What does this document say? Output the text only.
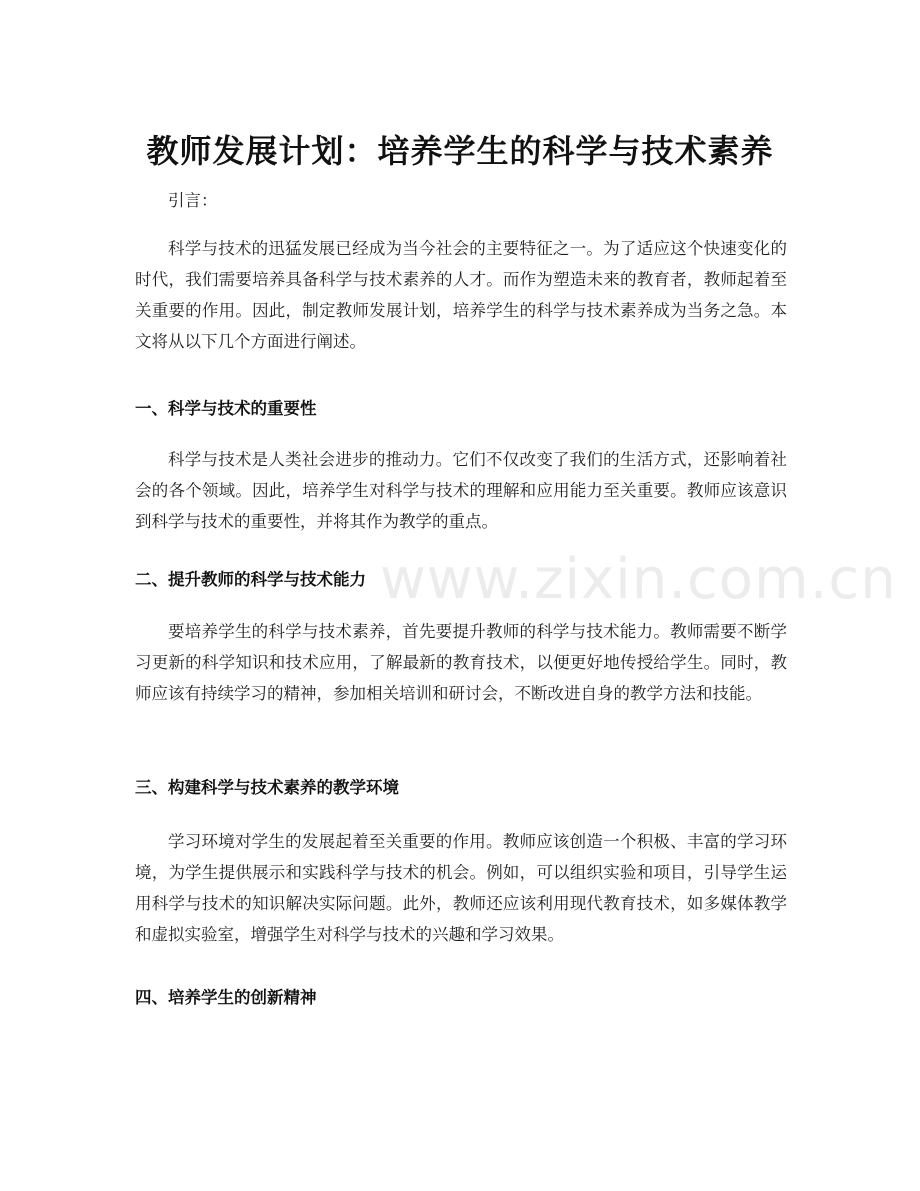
教师发展计划：培养学生的科学与技术素养

引言：

科学与技术的迅猛发展已经成为当今社会的主要特征之一。为了适应这个快速变化的时代，我们需要培养具备科学与技术素养的人才。而作为塑造未来的教育者，教师起着至关重要的作用。因此，制定教师发展计划，培养学生的科学与技术素养成为当务之急。本文将从以下几个方面进行阐述。

一、科学与技术的重要性

科学与技术是人类社会进步的推动力。它们不仅改变了我们的生活方式，还影响着社会的各个领域。因此，培养学生对科学与技术的理解和应用能力至关重要。教师应该意识到科学与技术的重要性，并将其作为教学的重点。

二、提升教师的科学与技术能力

要培养学生的科学与技术素养，首先要提升教师的科学与技术能力。教师需要不断学习更新的科学知识和技术应用，了解最新的教育技术，以便更好地传授给学生。同时，教师应该有持续学习的精神，参加相关培训和研讨会，不断改进自身的教学方法和技能。

三、构建科学与技术素养的教学环境

学习环境对学生的发展起着至关重要的作用。教师应该创造一个积极、丰富的学习环境，为学生提供展示和实践科学与技术的机会。例如，可以组织实验和项目，引导学生运用科学与技术的知识解决实际问题。此外，教师还应该利用现代教育技术，如多媒体教学和虚拟实验室，增强学生对科学与技术的兴趣和学习效果。

四、培养学生的创新精神
www.zixin.com.cn
